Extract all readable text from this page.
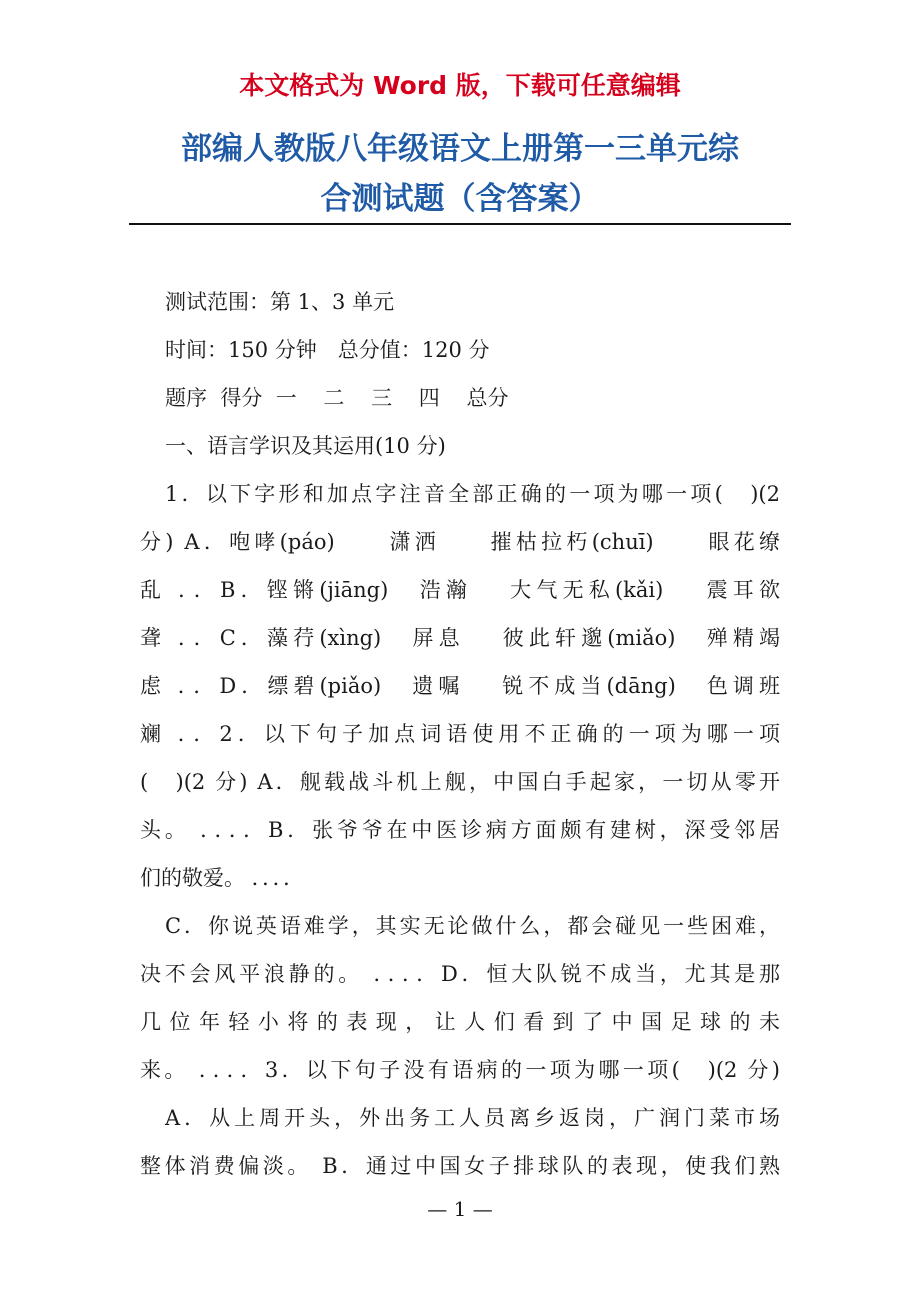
本文格式为 Word 版，下载可任意编辑

部编人教版八年级语文上册第一三单元综
合测试题（含答案）

测试范围：第 1、3 单元

时间：150 分钟　总分值：120 分

题序  得分  一    二    三    四    总分

一、语言学识及其运用(10 分)

1．以下字形和加点字注音全部正确的一项为哪一项(　)(2

分) A．咆哮(páo)　　潇洒　　摧枯拉朽(chuī)　　眼花缭

乱 ．．B．铿锵(jiāng)　浩瀚　 大气无私(kǎi)　 震耳欲

聋 ．．C．藻荇(xìng)　屏息　 彼此轩邈(miǎo)　殚精竭

虑 ．．D．缥碧(piǎo)　遗嘱　 锐不成当(dāng)　色调班

斓 ．．2．以下句子加点词语使用不正确的一项为哪一项

(　)(2 分) A．舰载战斗机上舰，中国白手起家，一切从零开

头。 ．．．．B．张爷爷在中医诊病方面颇有建树，深受邻居

们的敬爱。 ．．．．

C．你说英语难学，其实无论做什么，都会碰见一些困难，

决不会风平浪静的。 ．．．．D．恒大队锐不成当，尤其是那

几位年轻小将的表现，让人们看到了中国足球的未

来。 ．．．．3．以下句子没有语病的一项为哪一项(　)(2 分)

A．从上周开头，外出务工人员离乡返岗，广润门菜市场

整体消费偏淡。 B．通过中国女子排球队的表现，使我们熟

— 1 —
